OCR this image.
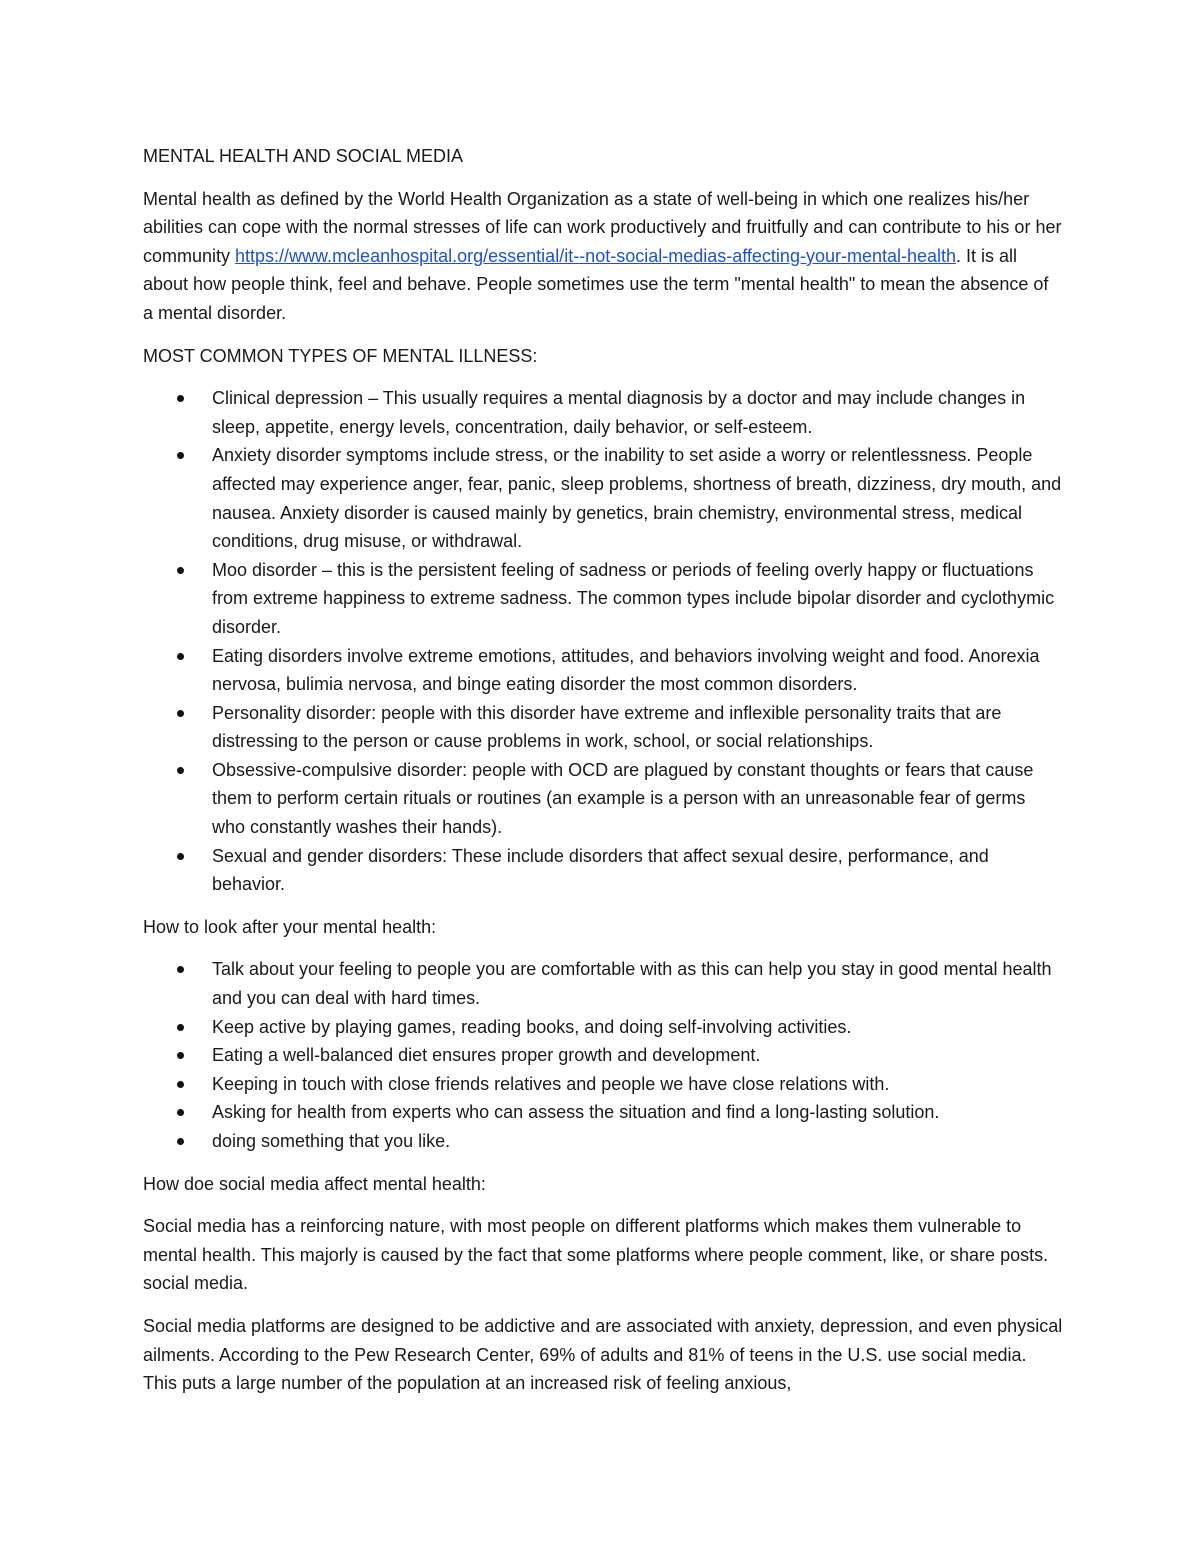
MENTAL HEALTH AND SOCIAL MEDIA

Mental health as defined by the World Health Organization as a state of well-being in which one realizes his/her abilities can cope with the normal stresses of life can work productively and fruitfully and can contribute to his or her community https://www.mcleanhospital.org/essential/it--not-social-medias-affecting-your-mental-health. It is all about how people think, feel and behave. People sometimes use the term "mental health" to mean the absence of a mental disorder.

MOST COMMON TYPES OF MENTAL ILLNESS:

Clinical depression – This usually requires a mental diagnosis by a doctor and may include changes in sleep, appetite, energy levels, concentration, daily behavior, or self-esteem.
Anxiety disorder symptoms include stress, or the inability to set aside a worry or relentlessness. People affected may experience anger, fear, panic, sleep problems, shortness of breath, dizziness, dry mouth, and nausea. Anxiety disorder is caused mainly by genetics, brain chemistry, environmental stress, medical conditions, drug misuse, or withdrawal.
Moo disorder – this is the persistent feeling of sadness or periods of feeling overly happy or fluctuations from extreme happiness to extreme sadness. The common types include bipolar disorder and cyclothymic disorder.
Eating disorders involve extreme emotions, attitudes, and behaviors involving weight and food. Anorexia nervosa, bulimia nervosa, and binge eating disorder the most common disorders.
Personality disorder: people with this disorder have extreme and inflexible personality traits that are distressing to the person or cause problems in work, school, or social relationships.
Obsessive-compulsive disorder: people with OCD are plagued by constant thoughts or fears that cause them to perform certain rituals or routines (an example is a person with an unreasonable fear of germs who constantly washes their hands).
Sexual and gender disorders: These include disorders that affect sexual desire, performance, and behavior.

How to look after your mental health:

Talk about your feeling to people you are comfortable with as this can help you stay in good mental health and you can deal with hard times.
Keep active by playing games, reading books, and doing self-involving activities.
Eating a well-balanced diet ensures proper growth and development.
Keeping in touch with close friends relatives and people we have close relations with.
Asking for health from experts who can assess the situation and find a long-lasting solution.
doing something that you like.

How doe social media affect mental health:

Social media has a reinforcing nature, with most people on different platforms which makes them vulnerable to mental health. This majorly is caused by the fact that some platforms where people comment, like, or share posts. social media.

Social media platforms are designed to be addictive and are associated with anxiety, depression, and even physical ailments. According to the Pew Research Center, 69% of adults and 81% of teens in the U.S. use social media. This puts a large number of the population at an increased risk of feeling anxious,
